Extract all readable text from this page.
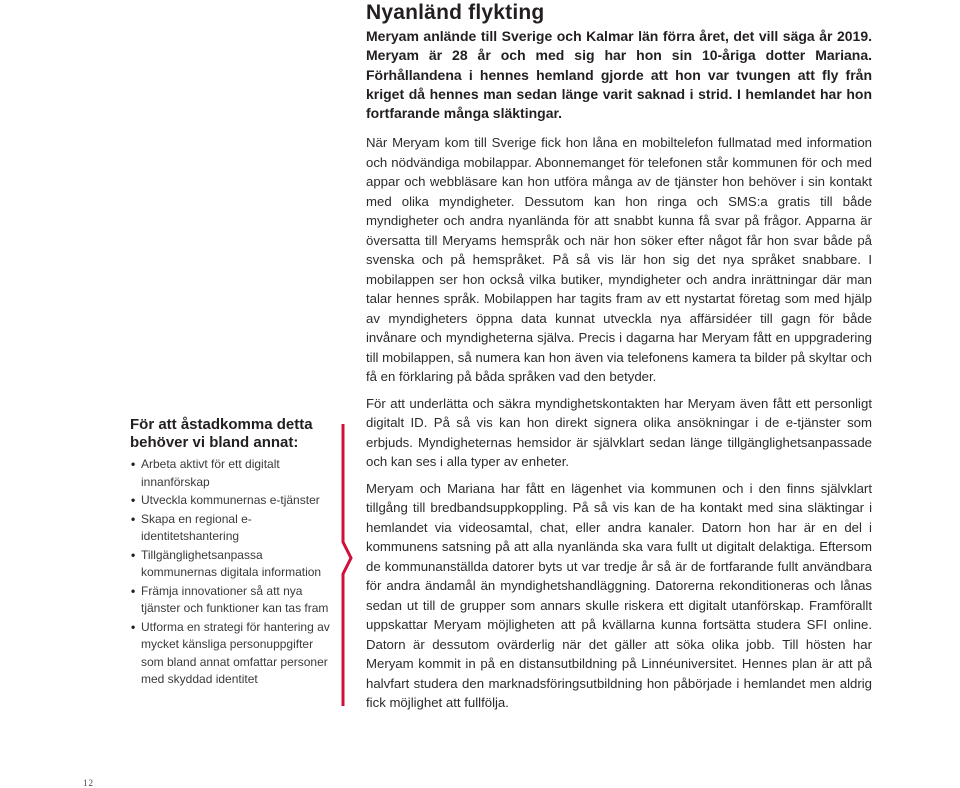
Nyanländ flykting

Meryam anlände till Sverige och Kalmar län förra året, det vill säga år 2019. Meryam är 28 år och med sig har hon sin 10-åriga dotter Mariana. Förhållandena i hennes hemland gjorde att hon var tvungen att fly från kriget då hennes man sedan länge varit saknad i strid. I hemlandet har hon fortfarande många släktingar.

När Meryam kom till Sverige fick hon låna en mobiltelefon fullmatad med information och nödvändiga mobilappar. Abonnemanget för telefonen står kommunen för och med appar och webbläsare kan hon utföra många av de tjänster hon behöver i sin kontakt med olika myndigheter. Dessutom kan hon ringa och SMS:a gratis till både myndigheter och andra nyanlända för att snabbt kunna få svar på frågor. Apparna är översatta till Meryams hemspråk och när hon söker efter något får hon svar både på svenska och på hemspråket. På så vis lär hon sig det nya språket snabbare. I mobilappen ser hon också vilka butiker, myndigheter och andra inrättningar där man talar hennes språk. Mobilappen har tagits fram av ett nystartat företag som med hjälp av myndigheters öppna data kunnat utveckla nya affärsidéer till gagn för både invånare och myndigheterna själva. Precis i dagarna har Meryam fått en uppgradering till mobilappen, så numera kan hon även via telefonens kamera ta bilder på skyltar och få en förklaring på båda språken vad den betyder.

För att underlätta och säkra myndighetskontakten har Meryam även fått ett personligt digitalt ID. På så vis kan hon direkt signera olika ansökningar i de e-tjänster som erbjuds. Myndigheternas hemsidor är självklart sedan länge tillgänglighetsanpassade och kan ses i alla typer av enheter.

Meryam och Mariana har fått en lägenhet via kommunen och i den finns självklart tillgång till bredbandsuppkoppling. På så vis kan de ha kontakt med sina släktingar i hemlandet via videosamtal, chat, eller andra kanaler. Datorn hon har är en del i kommunens satsning på att alla nyanlända ska vara fullt ut digitalt delaktiga. Eftersom de kommunanställda datorer byts ut var tredje år så är de fortfarande fullt användbara för andra ändamål än myndighetshandläggning. Datorerna rekonditioneras och lånas sedan ut till de grupper som annars skulle riskera ett digitalt utanförskap. Framförallt uppskattar Meryam möjligheten att på kvällarna kunna fortsätta studera SFI online. Datorn är dessutom ovärderlig när det gäller att söka olika jobb. Till hösten har Meryam kommit in på en distansutbildning på Linnéuniversitet. Hennes plan är att på halvfart studera den marknadsföringsutbildning hon påbörjade i hemlandet men aldrig fick möjlighet att fullfölja.

För att åstadkomma detta behöver vi bland annat:
• Arbeta aktivt för ett digitalt innanförskap
• Utveckla kommunernas e-tjänster
• Skapa en regional e-identitetshantering
• Tillgänglighetsanpassa kommunernas digitala information
• Främja innovationer så att nya tjänster och funktioner kan tas fram
• Utforma en strategi för hantering av mycket känsliga personuppgifter som bland annat omfattar personer med skyddad identitet
12
